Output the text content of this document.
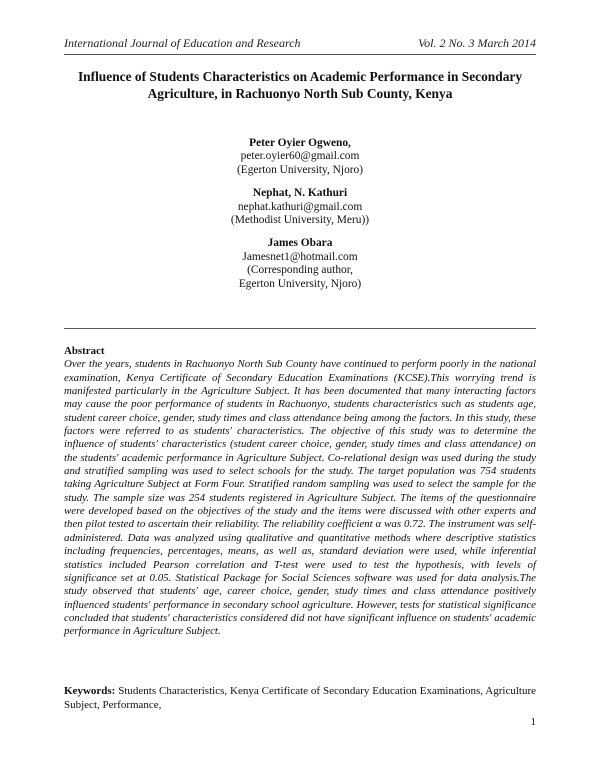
International Journal of Education and Research	Vol. 2 No. 3 March 2014
Influence of Students Characteristics on Academic Performance in Secondary Agriculture, in Rachuonyo North Sub County, Kenya
Peter Oyier Ogweno,
peter.oyier60@gmail.com
(Egerton University, Njoro)
Nephat, N. Kathuri
nephat.kathuri@gmail.com
(Methodist University, Meru))
James Obara
Jamesnet1@hotmail.com
(Corresponding author,
Egerton University, Njoro)
Abstract
Over the years, students in Rachuonyo North Sub County have continued to perform poorly in the national examination, Kenya Certificate of Secondary Education Examinations (KCSE).This worrying trend is manifested particularly in the Agriculture Subject. It has been documented that many interacting factors may cause the poor performance of students in Rachuonyo, students characteristics such as students age, student career choice, gender, study times and class attendance being among the factors. In this study, these factors were referred to as students' characteristics. The objective of this study was to determine the influence of students' characteristics (student career choice, gender, study times and class attendance) on the students' academic performance in Agriculture Subject. Co-relational design was used during the study and stratified sampling was used to select schools for the study. The target population was 754 students taking Agriculture Subject at Form Four. Stratified random sampling was used to select the sample for the study. The sample size was 254 students registered in Agriculture Subject. The items of the questionnaire were developed based on the objectives of the study and the items were discussed with other experts and then pilot tested to ascertain their reliability. The reliability coefficient α was 0.72. The instrument was self-administered. Data was analyzed using qualitative and quantitative methods where descriptive statistics including frequencies, percentages, means, as well as, standard deviation were used, while inferential statistics included Pearson correlation and T-test were used to test the hypothesis, with levels of significance set at 0.05. Statistical Package for Social Sciences software was used for data analysis.The study observed that students' age, career choice, gender, study times and class attendance positively influenced students' performance in secondary school agriculture. However, tests for statistical significance concluded that students' characteristics considered did not have significant influence on students' academic performance in Agriculture Subject.
Keywords: Students Characteristics, Kenya Certificate of Secondary Education Examinations, Agriculture Subject, Performance,
1
